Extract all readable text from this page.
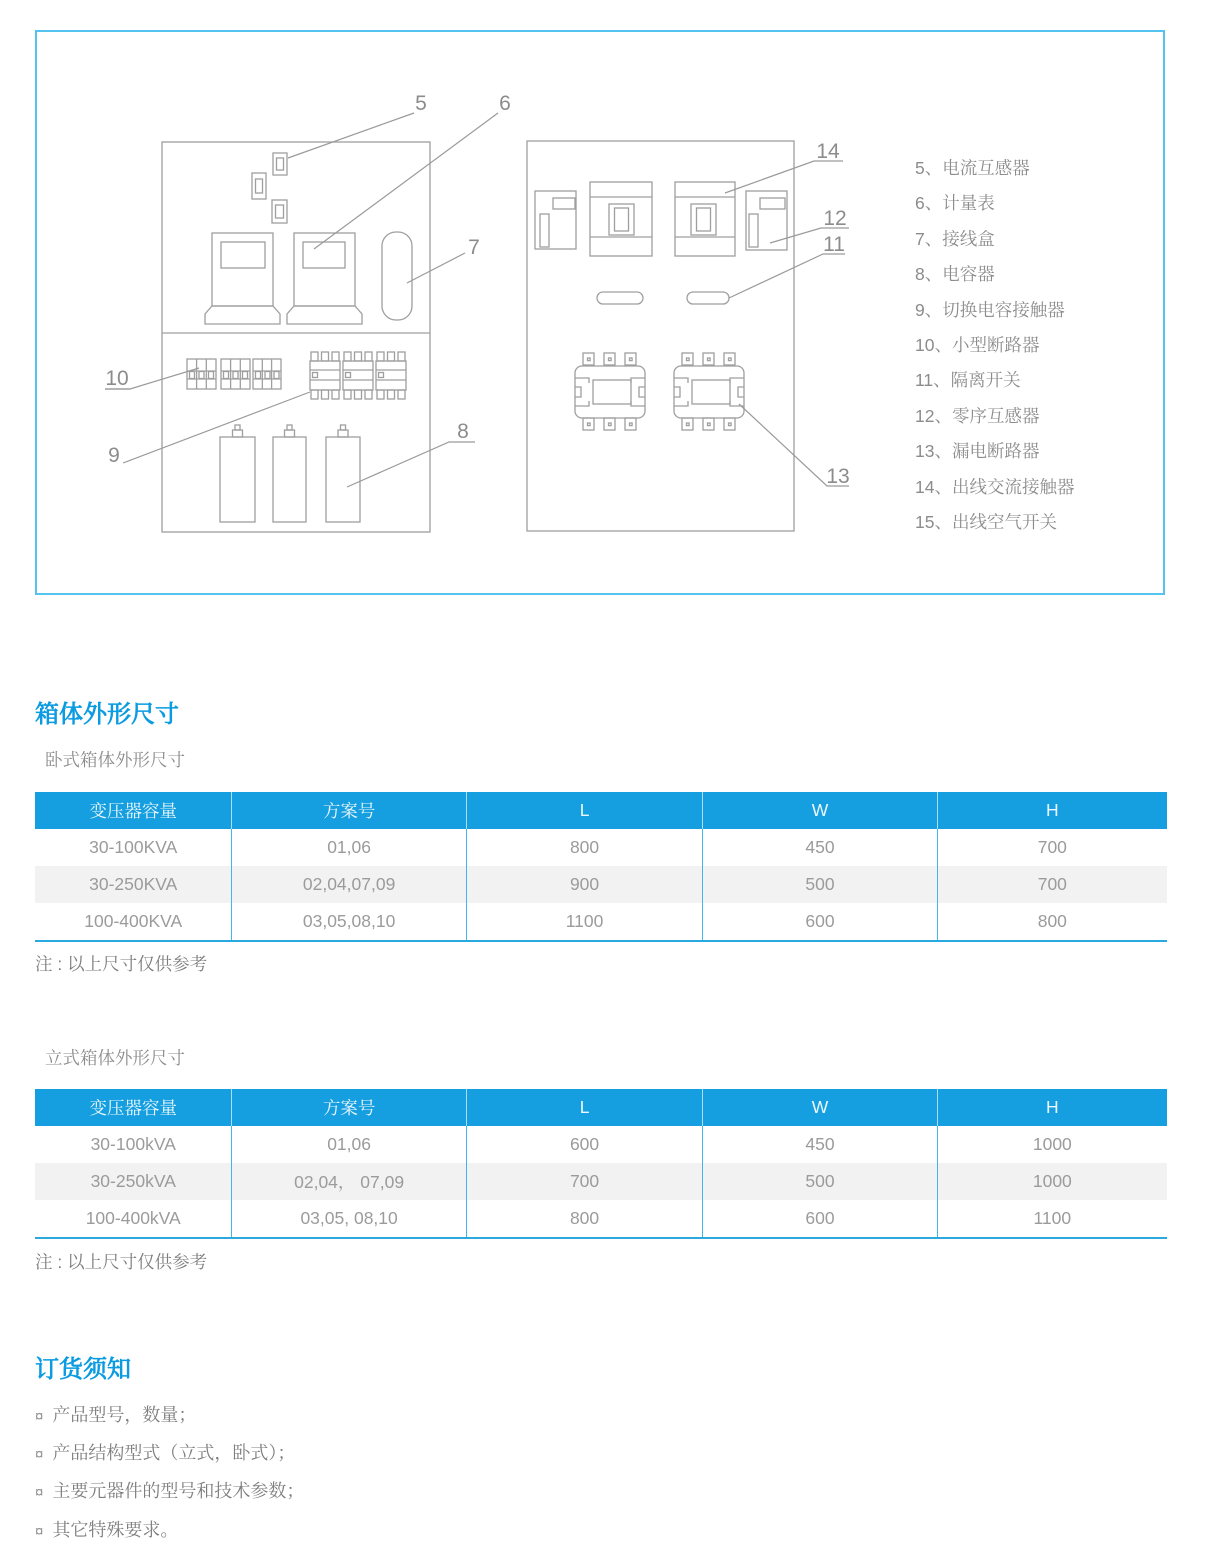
5	6
7
10
9
8
14
12
11
13
5、电流互感器
6、计量表
7、接线盒
8、电容器
9、切换电容接触器
10、小型断路器
11、隔离开关
12、零序互感器
13、漏电断路器
14、出线交流接触器
15、出线空气开关
箱体外形尺寸
卧式箱体外形尺寸
变压器容量	方案号	L	W	H
30-100KVA	01,06	800	450	700
30-250KVA	02,04,07,09	900	500	700
100-400KVA	03,05,08,10	1100	600	800
注 : 以上尺寸仅供参考
立式箱体外形尺寸
变压器容量	方案号	L	W	H
30-100kVA	01,06	600	450	1000
30-250kVA	02,04， 07,09	700	500	1000
100-400kVA	03,05, 08,10	800	600	1100
注 : 以上尺寸仅供参考
订货须知
¤ 产品型号，数量；
¤ 产品结构型式（立式，卧式）；
¤ 主要元器件的型号和技术参数；
¤ 其它特殊要求。
